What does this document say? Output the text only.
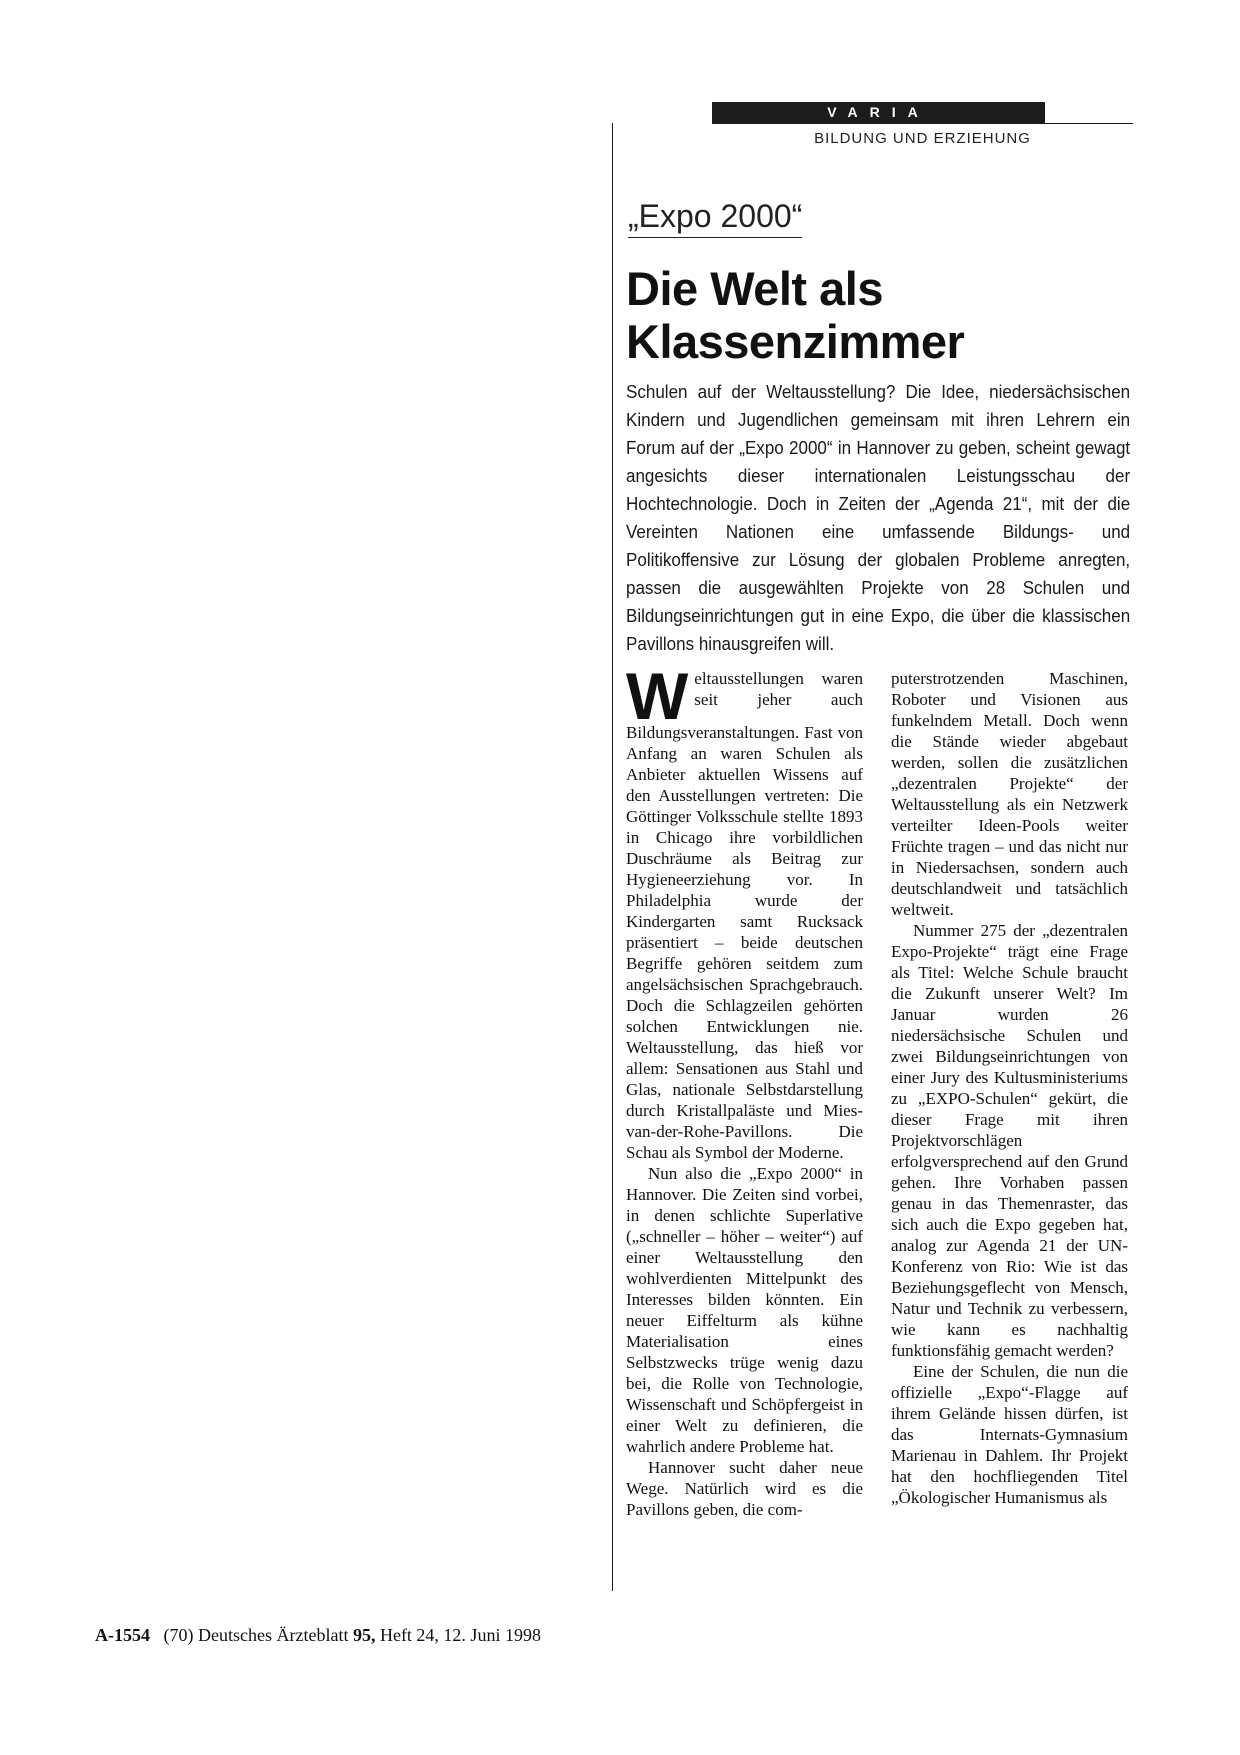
VARIA
BILDUNG UND ERZIEHUNG
„Expo 2000“
Die Welt als
Klassenzimmer

Schulen auf der Weltausstellung? Die Idee, niedersächsischen Kindern und Jugendlichen gemeinsam mit ihren Lehrern ein Forum auf der „Expo 2000“ in Hannover zu geben, scheint gewagt angesichts dieser internationalen Leistungsschau der Hochtechnologie. Doch in Zeiten der „Agenda 21“, mit der die Vereinten Nationen eine umfassende Bildungs- und Politikoffensive zur Lösung der globalen Probleme anregten, passen die ausgewählten Projekte von 28 Schulen und Bildungseinrichtungen gut in eine Expo, die über die klassischen Pavillons hinausgreifen will.

Weltausstellungen waren seit jeher auch Bildungsveranstaltungen. Fast von Anfang an waren Schulen als Anbieter aktuellen Wissens auf den Ausstellungen vertreten: Die Göttinger Volksschule stellte 1893 in Chicago ihre vorbildlichen Duschräume als Beitrag zur Hygieneerziehung vor. In Philadelphia wurde der Kindergarten samt Rucksack präsentiert – beide deutschen Begriffe gehören seitdem zum angelsächsischen Sprachgebrauch. Doch die Schlagzeilen gehörten solchen Entwicklungen nie. Weltausstellung, das hieß vor allem: Sensationen aus Stahl und Glas, nationale Selbstdarstellung durch Kristallpaläste und Mies-van-der-Rohe-Pavillons. Die Schau als Symbol der Moderne.

Nun also die „Expo 2000“ in Hannover. Die Zeiten sind vorbei, in denen schlichte Superlative („schneller – höher – weiter“) auf einer Weltausstellung den wohlverdienten Mittelpunkt des Interesses bilden könnten. Ein neuer Eiffelturm als kühne Materialisation eines Selbstzwecks trüge wenig dazu bei, die Rolle von Technologie, Wissenschaft und Schöpfergeist in einer Welt zu definieren, die wahrlich andere Probleme hat.

Hannover sucht daher neue Wege. Natürlich wird es die Pavillons geben, die com-

puterstrotzenden Maschinen, Roboter und Visionen aus funkelndem Metall. Doch wenn die Stände wieder abgebaut werden, sollen die zusätzlichen „dezentralen Projekte“ der Weltausstellung als ein Netzwerk verteilter Ideen-Pools weiter Früchte tragen – und das nicht nur in Niedersachsen, sondern auch deutschlandweit und tatsächlich weltweit.

Nummer 275 der „dezentralen Expo-Projekte“ trägt eine Frage als Titel: Welche Schule braucht die Zukunft unserer Welt? Im Januar wurden 26 niedersächsische Schulen und zwei Bildungseinrichtungen von einer Jury des Kultusministeriums zu „EXPO-Schulen“ gekürt, die dieser Frage mit ihren Projektvorschlägen erfolgversprechend auf den Grund gehen. Ihre Vorhaben passen genau in das Themenraster, das sich auch die Expo gegeben hat, analog zur Agenda 21 der UN-Konferenz von Rio: Wie ist das Beziehungsgeflecht von Mensch, Natur und Technik zu verbessern, wie kann es nachhaltig funktionsfähig gemacht werden?

Eine der Schulen, die nun die offizielle „Expo“-Flagge auf ihrem Gelände hissen dürfen, ist das Internats-Gymnasium Marienau in Dahlem. Ihr Projekt hat den hochfliegenden Titel „Ökologischer Humanismus als

A-1554 (70) Deutsches Ärzteblatt 95, Heft 24, 12. Juni 1998
